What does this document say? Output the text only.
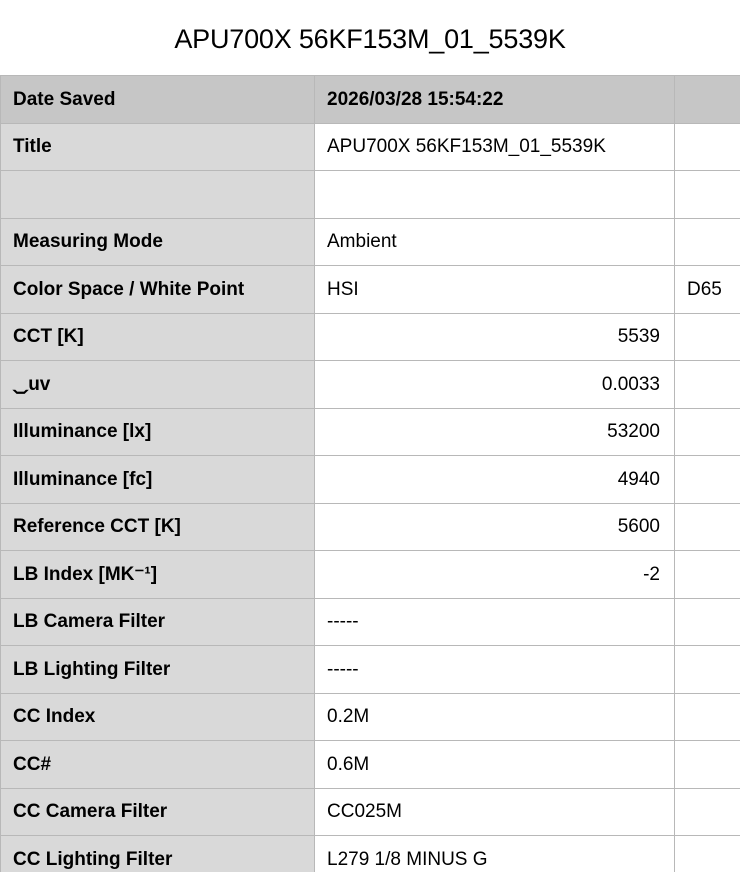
APU700X 56KF153M_01_5539K
Date Saved	2026/03/28 15:54:22	
Title	APU700X 56KF153M_01_5539K	

Measuring Mode	Ambient	
Color Space / White Point	HSI	D65
CCT [K]	5539	
⏡uv	0.0033	
Illuminance [lx]	53200	
Illuminance [fc]	4940	
Reference CCT [K]	5600	
LB Index [MK⁻¹]	-2	
LB Camera Filter	-----	
LB Lighting Filter	-----	
CC Index	0.2M	
CC#	0.6M	
CC Camera Filter	CC025M	
CC Lighting Filter	L279 1/8 MINUS G	
